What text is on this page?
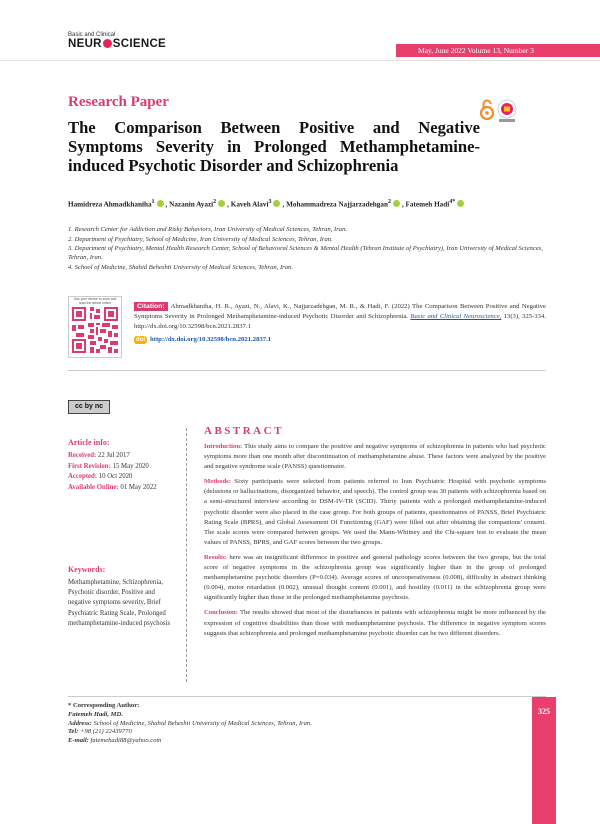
Basic and Clinical
NEUR SCIENCE
May, June 2022 Volume 13, Number 3
Research Paper
The Comparison Between Positive and Negative Symptoms Severity in Prolonged Methamphetamine-induced Psychotic Disorder and Schizophrenia
Hamidreza Ahmadkhaniha$^1$ , Nazanin Ayazi$^2$ , Kaveh Alavi$^3$ , Mohammadreza Najjarzadehgan$^2$ , Fatemeh Hadi$^{4*}$
1. Research Center for Addiction and Risky Behaviors, Iran University of Medical Sciences, Tehran, Iran.
2. Department of Psychiatry, School of Medicine, Iran University of Medical Sciences, Tehran, Iran.
3. Department of Psychiatry, Mental Health Research Center, School of Behavioral Sciences & Mental Health (Tehran Institute of Psychiatry), Iran University of Medical Sciences, Tehran, Iran.
4. School of Medicine, Shahid Beheshti University of Medical Sciences, Tehran, Iran.
Use your device to scan and read the article online	Citation: Ahmadkhaniha, H. R., Ayazi, N., Alavi, K., Najjarzadehgan, M. R., & Hadi, F. (2022) The Comparison Between Positive and Negative Symptoms Severity in Prolonged Methamphetamine-induced Psychotic Disorder and Schizophrenia. Basic and Clinical Neuroscience, 13(3), 325-334. http://dx.doi.org/10.32598/bcn.2021.2837.1
doi http://dx.doi.org/10.32598/bcn.2021.2837.1
cc by nc
Article info:
Received: 22 Jul 2017
First Revision: 15 May 2020
Accepted: 10 Oct 2020
Available Online: 01 May 2022
Keywords:
Methamphetamine, Schizophrenia, Psychotic disorder, Positive and negative symptoms severity, Brief Psychiatric Rating Scale, Prolonged methamphetamine-induced psychosis
ABSTRACT

Introduction: This study aims to compare the positive and negative symptoms of schizophrenia in patients who had psychotic symptoms more than one month after discontinuation of methamphetamine abuse. These factors were analyzed by the positive and negative syndrome scale (PANSS) questionnaire.

Methods: Sixty participants were selected from patients referred to Iran Psychiatric Hospital with psychotic symptoms (delusions or hallucinations, disorganized behavior, and speech). The control group was 30 patients with schizophrenia based on a semi-structured interview according to DSM-IV-TR (SCID). Thirty patients with a prolonged methamphetamine-induced psychotic disorder were also placed in the case group. For both groups of patients, questionnaires of PANSS, Brief Psychiatric Rating Scale (BPRS), and Global Assessment Of Functioning (GAF) were filled out after obtaining the companions' consent. The scale scores were compared between groups. We used the Mann-Whitney and the Chi-square test to evaluate the mean values of PANSS, BPRS, and GAF scores between the two groups.

Results: here was an insignificant difference in positive and general pathology scores between the two groups, but the total score of negative symptoms in the schizophrenia group was significantly higher than in the group of prolonged methamphetamine psychotic disorders (P=0.034). Average scores of uncooperativeness (0.008), difficulty in abstract thinking (0.004), motor retardation (0.002), unusual thought content (0.001), and hostility (0.011) in the schizophrenia group were significantly higher than those in the prolonged methamphetamine psychosis.

Conclusion: The results showed that most of the disturbances in patients with schizophrenia might be more influenced by the expression of cognitive disabilities than those with methamphetamine psychosis. The difference in negative symptom scores suggests that schizophrenia and prolonged methamphetamine psychotic disorder can be two different disorders.

* Corresponding Author:
Fatemeh Hadi, MD.
Address: School of Medicine, Shahid Beheshti University of Medical Sciences, Tehran, Iran.
Tel: +98 (21) 22439770
E-mail: fatemehadi88@yahoo.com
325
